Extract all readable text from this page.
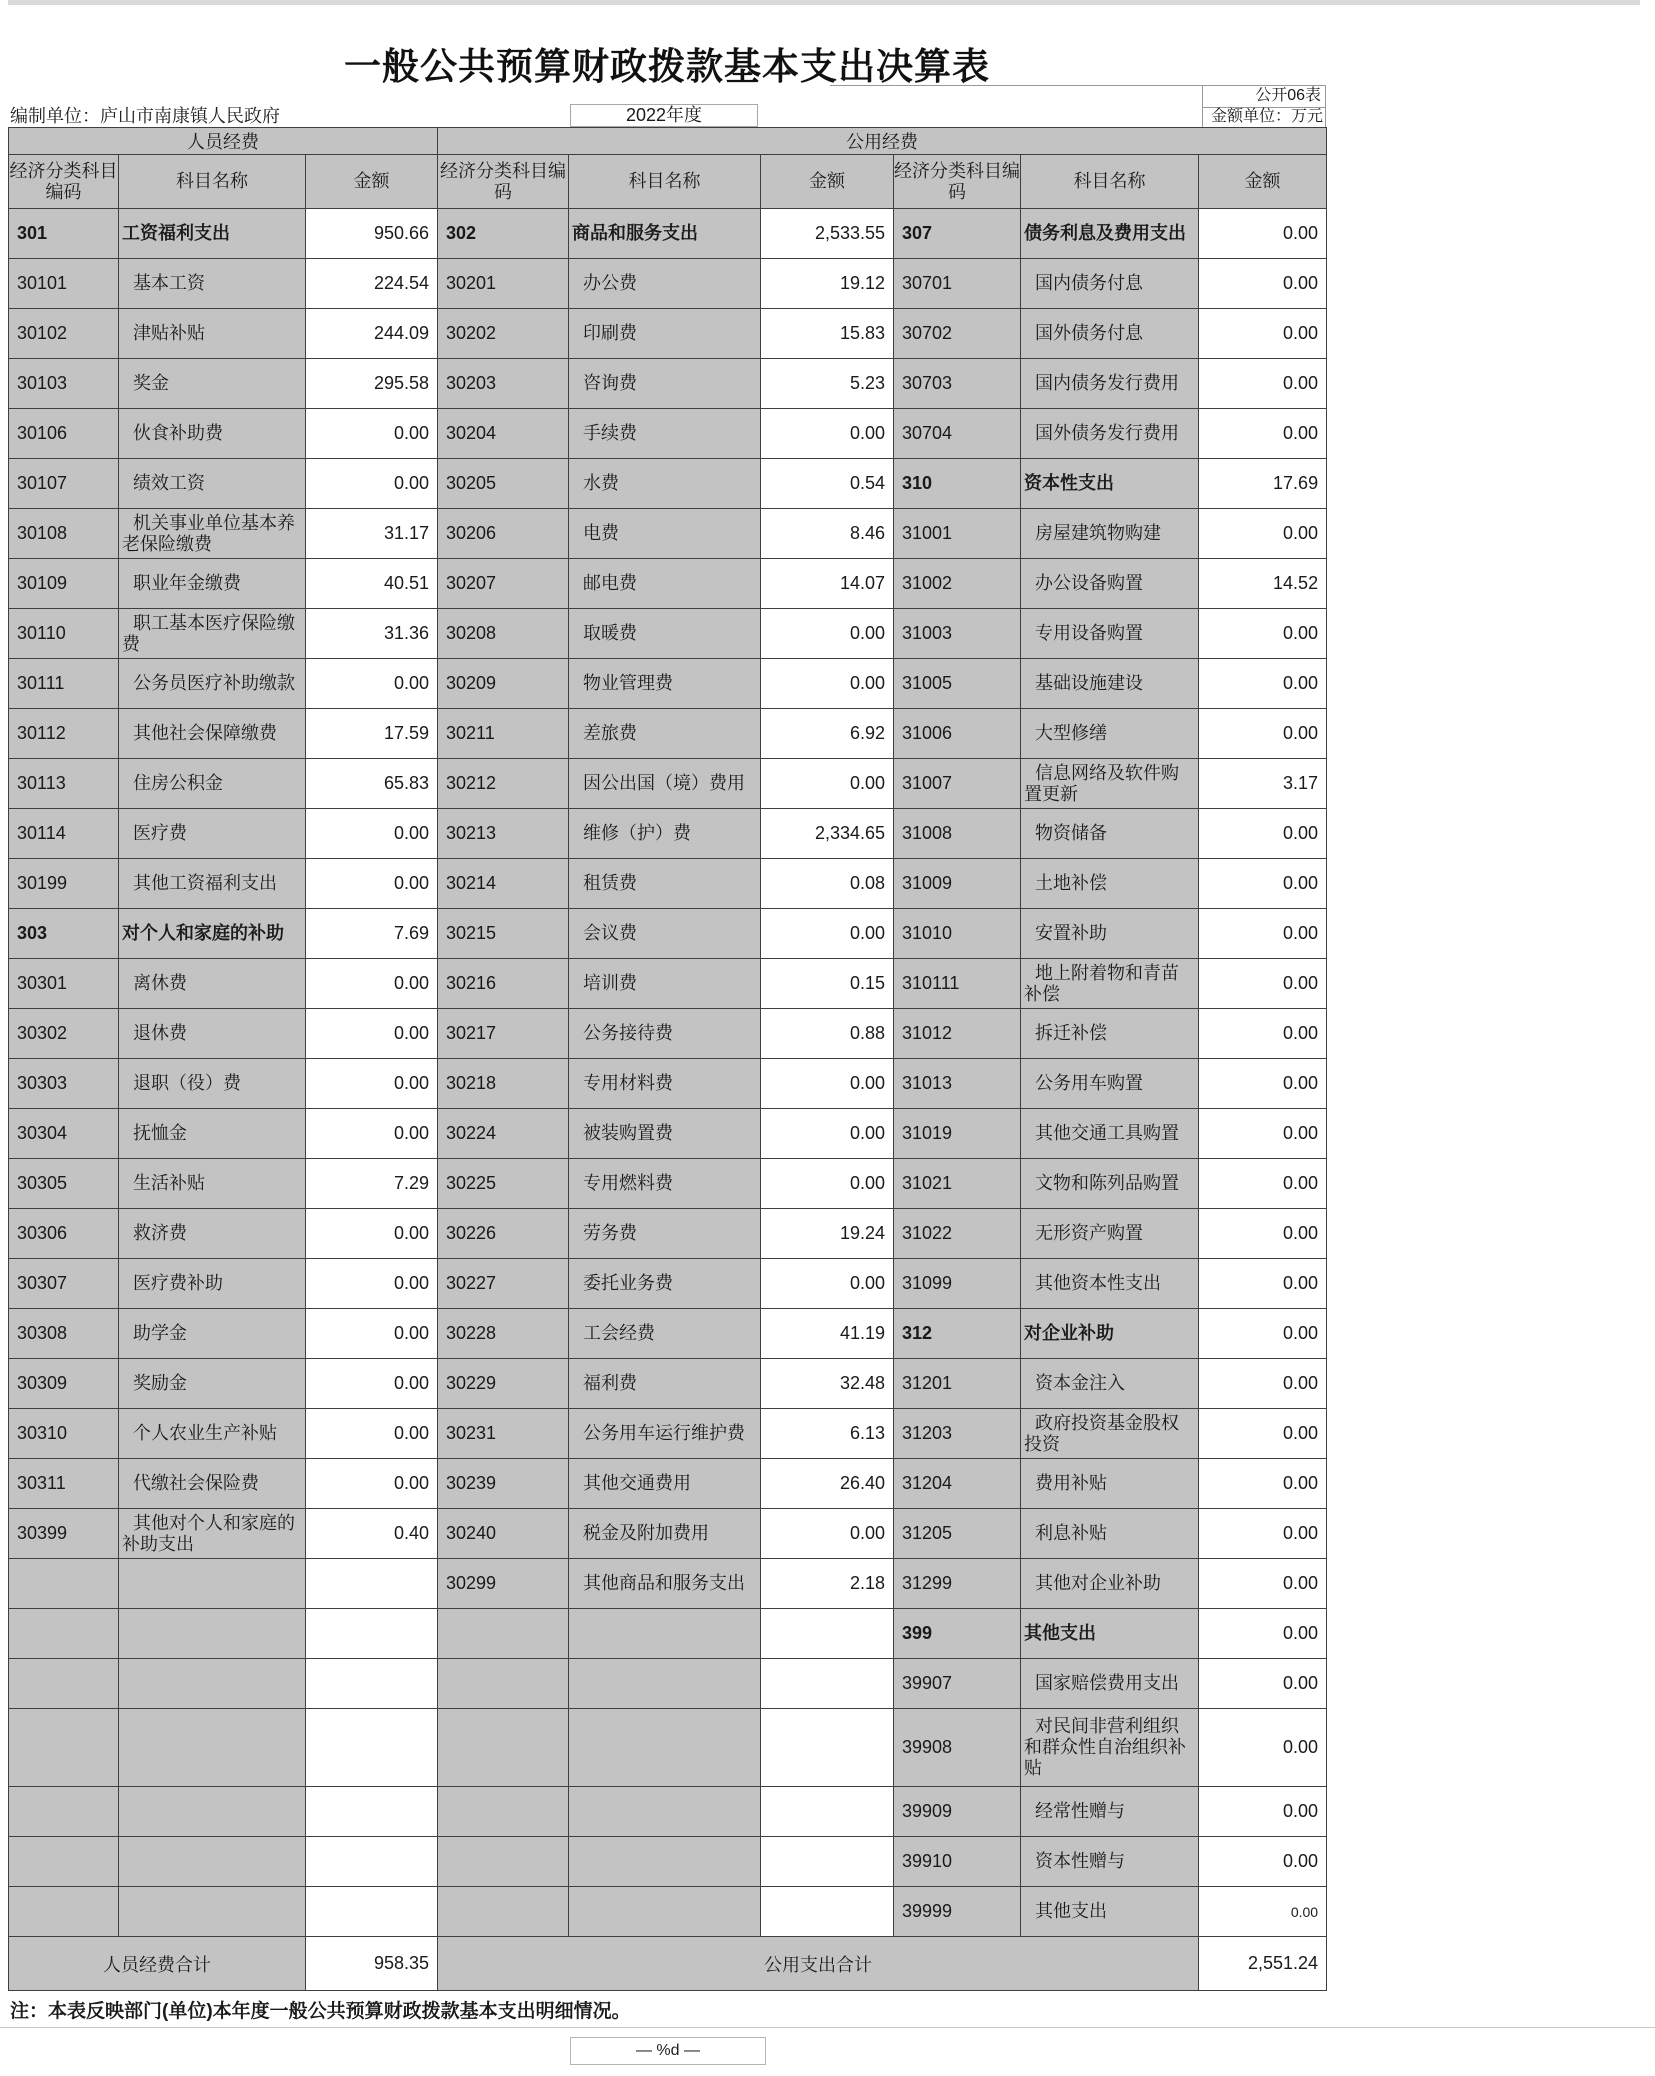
一般公共预算财政拨款基本支出决算表
编制单位：庐山市南康镇人民政府	2022年度
公开06表
金额单位：万元
人员经费			公用经费					
经济分类科目编码	科目名称	金额	经济分类科目编码	科目名称	金额	经济分类科目编码	科目名称	金额
301	工资福利支出	950.66	302	商品和服务支出	2,533.55	307	债务利息及费用支出	0.00
30101	基本工资	224.54	30201	办公费	19.12	30701	国内债务付息	0.00
30102	津贴补贴	244.09	30202	印刷费	15.83	30702	国外债务付息	0.00
30103	奖金	295.58	30203	咨询费	5.23	30703	国内债务发行费用	0.00
30106	伙食补助费	0.00	30204	手续费	0.00	30704	国外债务发行费用	0.00
30107	绩效工资	0.00	30205	水费	0.54	310	资本性支出	17.69
30108	机关事业单位基本养老保险缴费	31.17	30206	电费	8.46	31001	房屋建筑物购建	0.00
30109	职业年金缴费	40.51	30207	邮电费	14.07	31002	办公设备购置	14.52
30110	职工基本医疗保险缴费	31.36	30208	取暖费	0.00	31003	专用设备购置	0.00
30111	公务员医疗补助缴款	0.00	30209	物业管理费	0.00	31005	基础设施建设	0.00
30112	其他社会保障缴费	17.59	30211	差旅费	6.92	31006	大型修缮	0.00
30113	住房公积金	65.83	30212	因公出国（境）费用	0.00	31007	信息网络及软件购置更新	3.17
30114	医疗费	0.00	30213	维修（护）费	2,334.65	31008	物资储备	0.00
30199	其他工资福利支出	0.00	30214	租赁费	0.08	31009	土地补偿	0.00
303	对个人和家庭的补助	7.69	30215	会议费	0.00	31010	安置补助	0.00
30301	离休费	0.00	30216	培训费	0.15	310111	地上附着物和青苗补偿	0.00
30302	退休费	0.00	30217	公务接待费	0.88	31012	拆迁补偿	0.00
30303	退职（役）费	0.00	30218	专用材料费	0.00	31013	公务用车购置	0.00
30304	抚恤金	0.00	30224	被装购置费	0.00	31019	其他交通工具购置	0.00
30305	生活补贴	7.29	30225	专用燃料费	0.00	31021	文物和陈列品购置	0.00
30306	救济费	0.00	30226	劳务费	19.24	31022	无形资产购置	0.00
30307	医疗费补助	0.00	30227	委托业务费	0.00	31099	其他资本性支出	0.00
30308	助学金	0.00	30228	工会经费	41.19	312	对企业补助	0.00
30309	奖励金	0.00	30229	福利费	32.48	31201	资本金注入	0.00
30310	个人农业生产补贴	0.00	30231	公务用车运行维护费	6.13	31203	政府投资基金股权投资	0.00
30311	代缴社会保险费	0.00	30239	其他交通费用	26.40	31204	费用补贴	0.00
30399	其他对个人和家庭的补助支出	0.40	30240	税金及附加费用	0.00	31205	利息补贴	0.00
			30299	其他商品和服务支出	2.18	31299	其他对企业补助	0.00
						399	其他支出	0.00
						39907	国家赔偿费用支出	0.00
						39908	对民间非营利组织和群众性自治组织补贴	0.00
						39909	经常性赠与	0.00
						39910	资本性赠与	0.00
						39999	其他支出	0.00
人员经费合计		958.35	公用支出合计					2,551.24
注：本表反映部门(单位)本年度一般公共预算财政拨款基本支出明细情况。
— %d —
